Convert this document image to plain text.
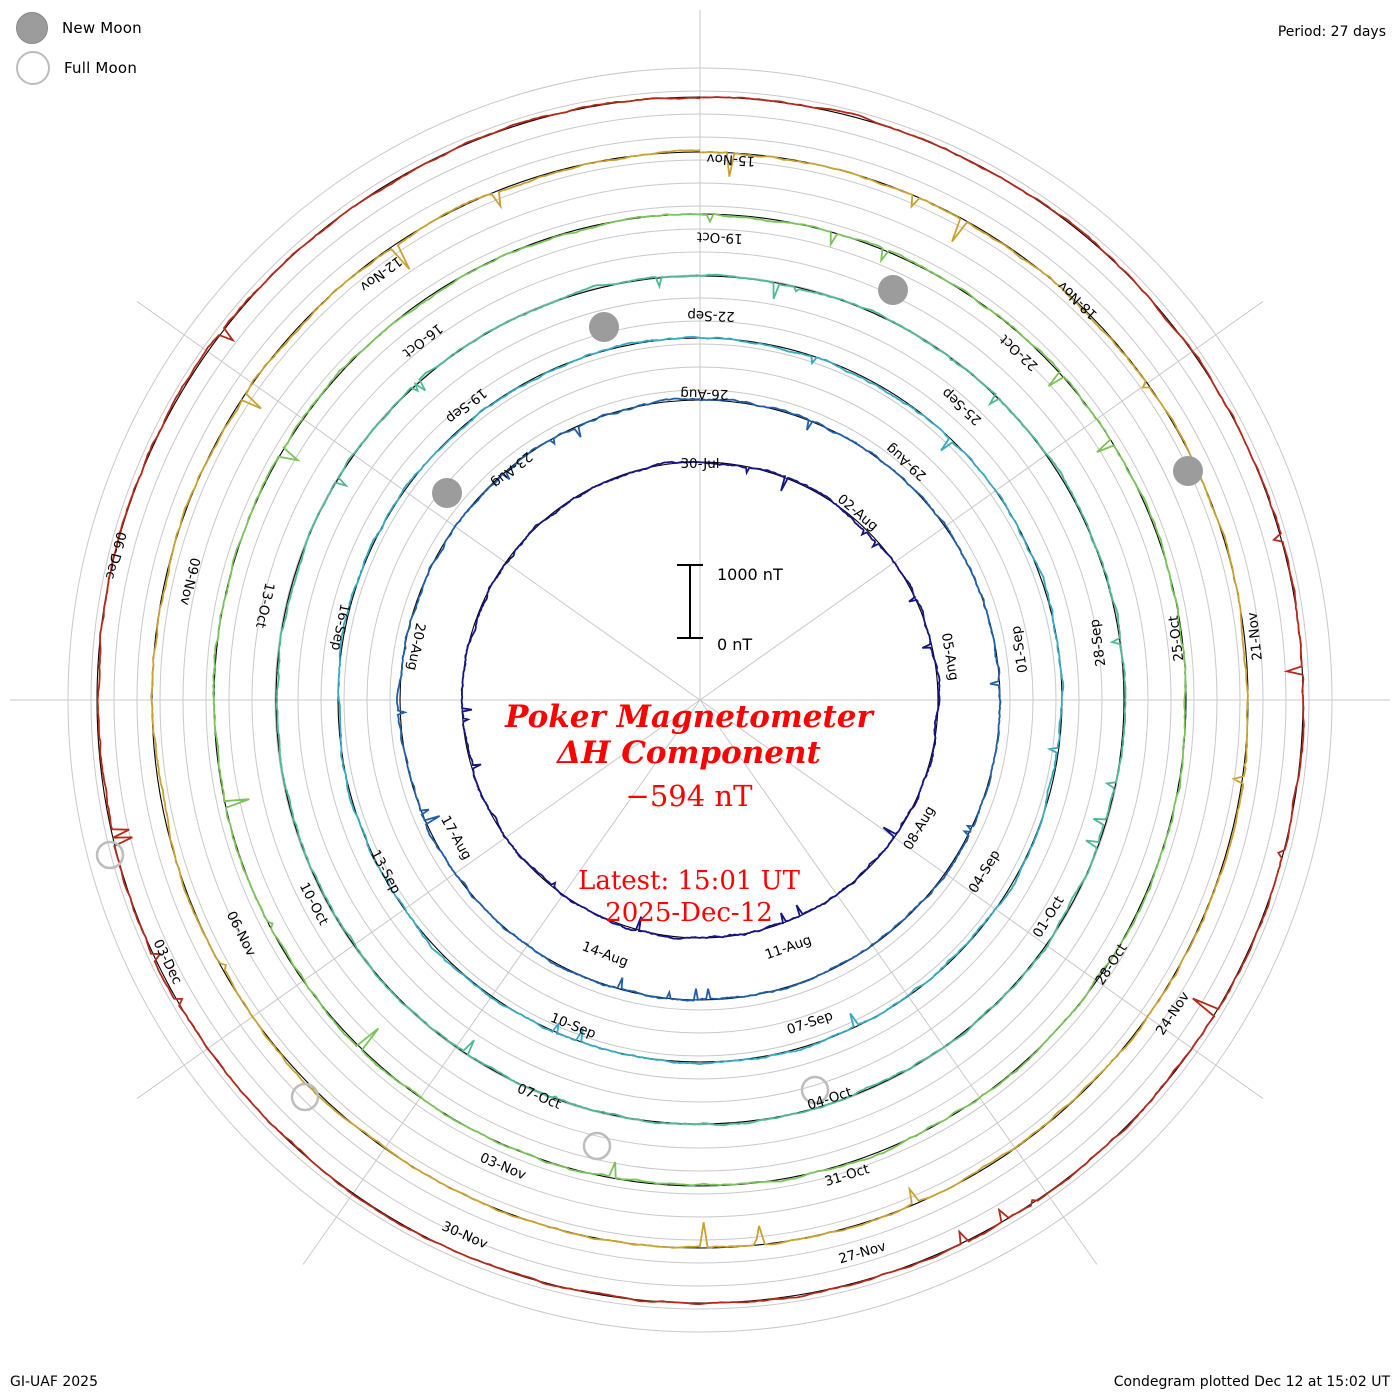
New Moon
Full Moon
Period: 27 days
1000 nT
0 nT
Poker Magnetometer
ΔH Component
−594 nT
Latest: 15:01 UT
2025-Dec-12
30-Jul
02-Aug
05-Aug
08-Aug
11-Aug
14-Aug
17-Aug
20-Aug
23-Aug
26-Aug
29-Aug
01-Sep
04-Sep
07-Sep
10-Sep
13-Sep
16-Sep
19-Sep
22-Sep
25-Sep
28-Sep
01-Oct
04-Oct
07-Oct
10-Oct
13-Oct
16-Oct
19-Oct
22-Oct
25-Oct
28-Oct
31-Oct
03-Nov
06-Nov
09-Nov
12-Nov
15-Nov
18-Nov
21-Nov
24-Nov
27-Nov
30-Nov
03-Dec
06-Dec
GI-UAF 2025	Condegram plotted Dec 12 at 15:02 UT
